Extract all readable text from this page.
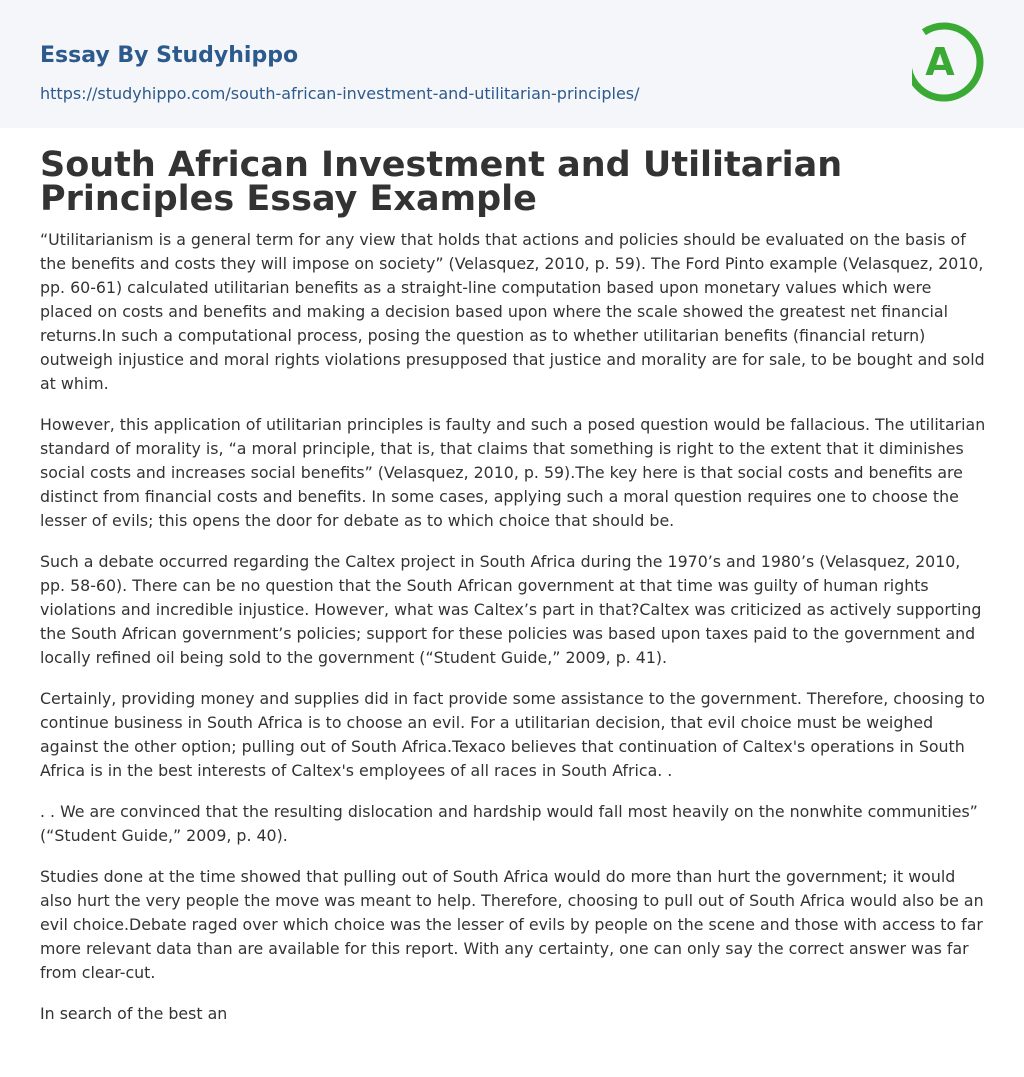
Essay By Studyhippo
https://studyhippo.com/south-african-investment-and-utilitarian-principles/
A
South African Investment and Utilitarian Principles Essay Example

“Utilitarianism is a general term for any view that holds that actions and policies should be evaluated on the basis of the benefits and costs they will impose on society” (Velasquez, 2010, p. 59). The Ford Pinto example (Velasquez, 2010, pp. 60-61) calculated utilitarian benefits as a straight-line computation based upon monetary values which were placed on costs and benefits and making a decision based upon where the scale showed the greatest net financial returns.In such a computational process, posing the question as to whether utilitarian benefits (financial return) outweigh injustice and moral rights violations presupposed that justice and morality are for sale, to be bought and sold at whim.

However, this application of utilitarian principles is faulty and such a posed question would be fallacious. The utilitarian standard of morality is, “a moral principle, that is, that claims that something is right to the extent that it diminishes social costs and increases social benefits” (Velasquez, 2010, p. 59).The key here is that social costs and benefits are distinct from financial costs and benefits. In some cases, applying such a moral question requires one to choose the lesser of evils; this opens the door for debate as to which choice that should be.

Such a debate occurred regarding the Caltex project in South Africa during the 1970’s and 1980’s (Velasquez, 2010, pp. 58-60). There can be no question that the South African government at that time was guilty of human rights violations and incredible injustice. However, what was Caltex’s part in that?Caltex was criticized as actively supporting the South African government’s policies; support for these policies was based upon taxes paid to the government and locally refined oil being sold to the government (“Student Guide,” 2009, p. 41).

Certainly, providing money and supplies did in fact provide some assistance to the government. Therefore, choosing to continue business in South Africa is to choose an evil. For a utilitarian decision, that evil choice must be weighed against the other option; pulling out of South Africa.Texaco believes that continuation of Caltex's operations in South Africa is in the best interests of Caltex's employees of all races in South Africa. .

. . We are convinced that the resulting dislocation and hardship would fall most heavily on the nonwhite communities” (“Student Guide,” 2009, p. 40).

Studies done at the time showed that pulling out of South Africa would do more than hurt the government; it would also hurt the very people the move was meant to help. Therefore, choosing to pull out of South Africa would also be an evil choice.Debate raged over which choice was the lesser of evils by people on the scene and those with access to far more relevant data than are available for this report. With any certainty, one can only say the correct answer was far from clear-cut.

In search of the best an
